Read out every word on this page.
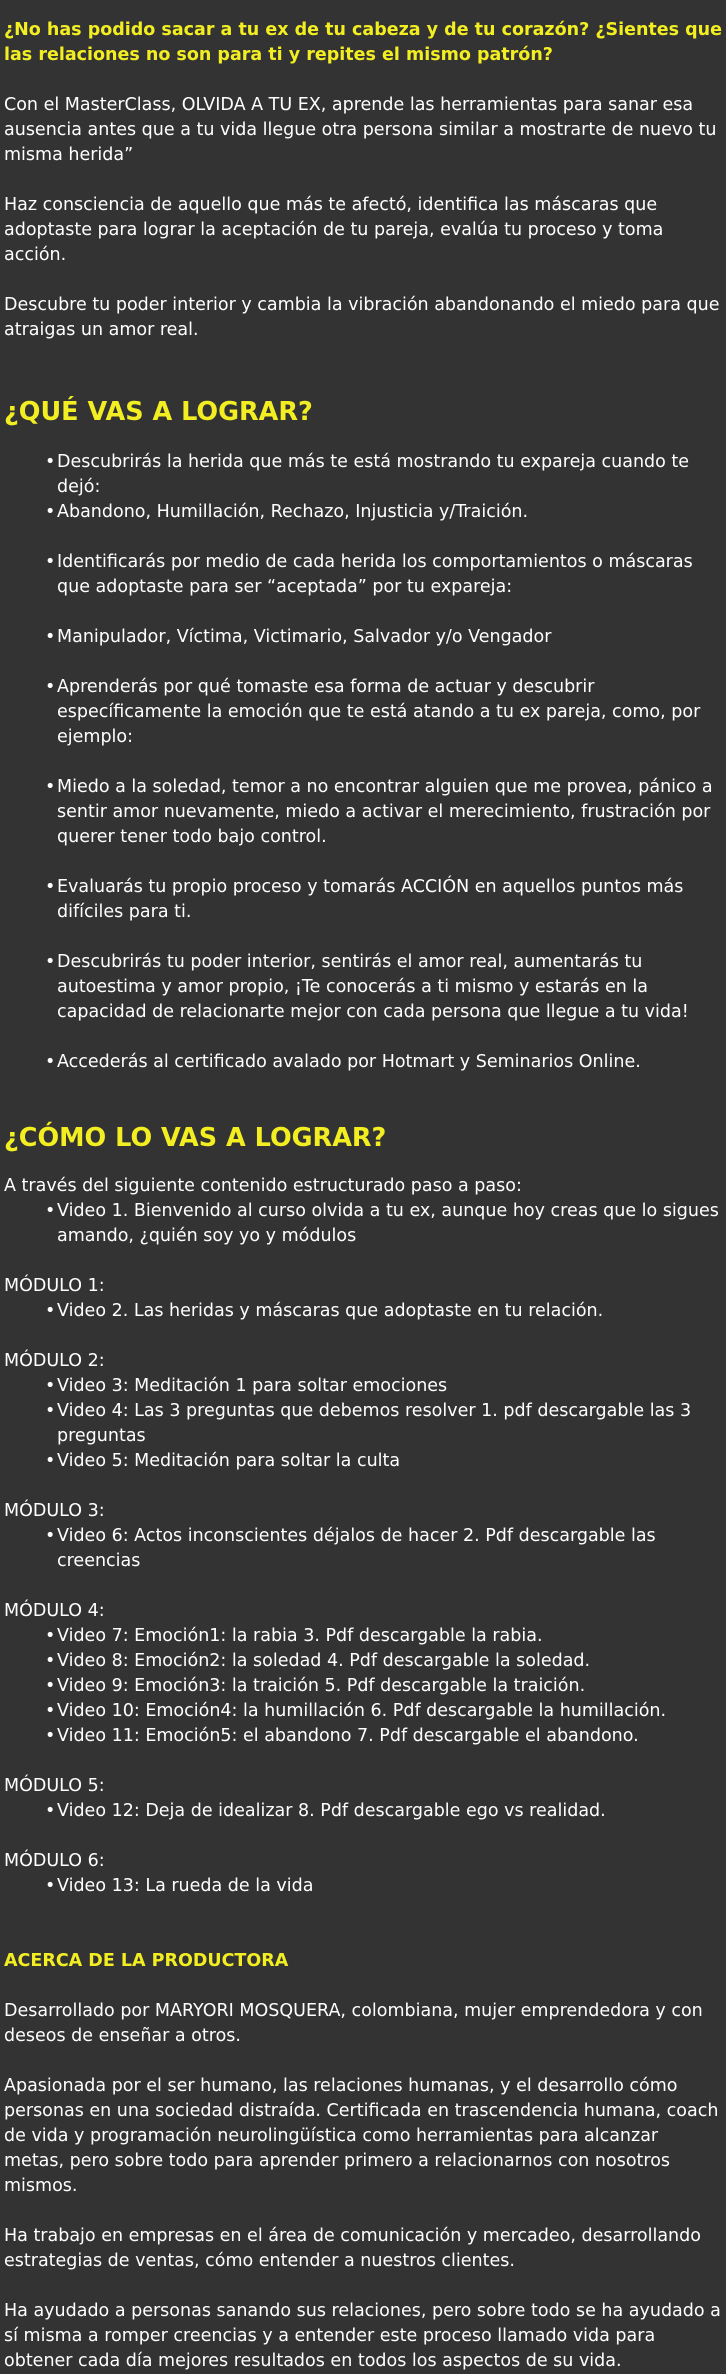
¿No has podido sacar a tu ex de tu cabeza y de tu corazón? ¿Sientes que las relaciones no son para ti y repites el mismo patrón?

Con el MasterClass, OLVIDA A TU EX, aprende las herramientas para sanar esa ausencia antes que a tu vida llegue otra persona similar a mostrarte de nuevo tu misma herida”

Haz consciencia de aquello que más te afectó, identifica las máscaras que adoptaste para lograr la aceptación de tu pareja, evalúa tu proceso y toma acción.

Descubre tu poder interior y cambia la vibración abandonando el miedo para que atraigas un amor real.

¿QUÉ VAS A LOGRAR?
• Descubrirás la herida que más te está mostrando tu expareja cuando te dejó:
• Abandono, Humillación, Rechazo, Injusticia y/Traición.
• Identificarás por medio de cada herida los comportamientos o máscaras que adoptaste para ser “aceptada” por tu expareja:
• Manipulador, Víctima, Victimario, Salvador y/o Vengador
• Aprenderás por qué tomaste esa forma de actuar y descubrir específicamente la emoción que te está atando a tu ex pareja, como, por ejemplo:
• Miedo a la soledad, temor a no encontrar alguien que me provea, pánico a sentir amor nuevamente, miedo a activar el merecimiento, frustración por querer tener todo bajo control.
• Evaluarás tu propio proceso y tomarás ACCIÓN en aquellos puntos más difíciles para ti.
• Descubrirás tu poder interior, sentirás el amor real, aumentarás tu autoestima y amor propio, ¡Te conocerás a ti mismo y estarás en la capacidad de relacionarte mejor con cada persona que llegue a tu vida!
• Accederás al certificado avalado por Hotmart y Seminarios Online.
¿CÓMO LO VAS A LOGRAR?

A través del siguiente contenido estructurado paso a paso:

• Video 1. Bienvenido al curso olvida a tu ex, aunque hoy creas que lo sigues amando, ¿quién soy yo y módulos
MÓDULO 1:
• Video 2. Las heridas y máscaras que adoptaste en tu relación.
MÓDULO 2:
• Video 3: Meditación 1 para soltar emociones
• Video 4: Las 3 preguntas que debemos resolver 1. pdf descargable las 3 preguntas
• Video 5: Meditación para soltar la culta
MÓDULO 3:
• Video 6: Actos inconscientes déjalos de hacer 2. Pdf descargable las creencias
MÓDULO 4:
• Video 7: Emoción1: la rabia 3. Pdf descargable la rabia.
• Video 8: Emoción2: la soledad 4. Pdf descargable la soledad.
• Video 9: Emoción3: la traición 5. Pdf descargable la traición.
• Video 10: Emoción4: la humillación 6. Pdf descargable la humillación.
• Video 11: Emoción5: el abandono 7. Pdf descargable el abandono.
MÓDULO 5:
• Video 12: Deja de idealizar 8. Pdf descargable ego vs realidad.
MÓDULO 6:
• Video 13: La rueda de la vida
ACERCA DE LA PRODUCTORA

Desarrollado por MARYORI MOSQUERA, colombiana, mujer emprendedora y con deseos de enseñar a otros.

Apasionada por el ser humano, las relaciones humanas, y el desarrollo cómo personas en una sociedad distraída. Certificada en trascendencia humana, coach de vida y programación neurolingüística como herramientas para alcanzar metas, pero sobre todo para aprender primero a relacionarnos con nosotros mismos.

Ha trabajo en empresas en el área de comunicación y mercadeo, desarrollando estrategias de ventas, cómo entender a nuestros clientes.

Ha ayudado a personas sanando sus relaciones, pero sobre todo se ha ayudado a sí misma a romper creencias y a entender este proceso llamado vida para obtener cada día mejores resultados en todos los aspectos de su vida.
